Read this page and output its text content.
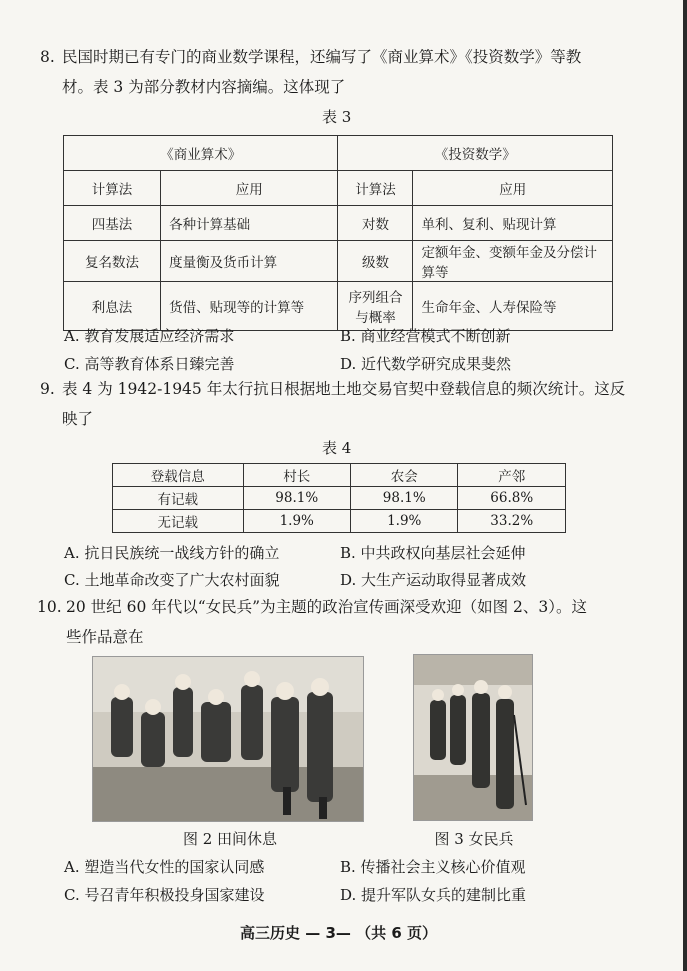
8. 民国时期已有专门的商业数学课程，还编写了《商业算术》《投资数学》等教
材。表 3 为部分教材内容摘编。这体现了
表 3
《商业算术》		《投资数学》	
计算法	应用	计算法	应用
四基法	各种计算基础	对数	单利、复利、贴现计算
复名数法	度量衡及货币计算	级数	定额年金、变额年金及分偿计算等
利息法	货借、贴现等的计算等	序列组合与概率	生命年金、人寿保险等
A. 教育发展适应经济需求	B. 商业经营模式不断创新
C. 高等教育体系日臻完善	D. 近代数学研究成果斐然
9. 表 4 为 1942-1945 年太行抗日根据地土地交易官契中登载信息的频次统计。这反
映了
表 4
登载信息	村长	农会	产邻
有记载	98.1%	98.1%	66.8%
无记载	1.9%	1.9%	33.2%
A. 抗日民族统一战线方针的确立	B. 中共政权向基层社会延伸
C. 土地革命改变了广大农村面貌	D. 大生产运动取得显著成效
10. 20 世纪 60 年代以“女民兵”为主题的政治宣传画深受欢迎（如图 2、3）。这
些作品意在
图 2 田间休息	图 3 女民兵
A. 塑造当代女性的国家认同感	B. 传播社会主义核心价值观
C. 号召青年积极投身国家建设	D. 提升军队女兵的建制比重
高三历史 — 3— （共 6 页）
